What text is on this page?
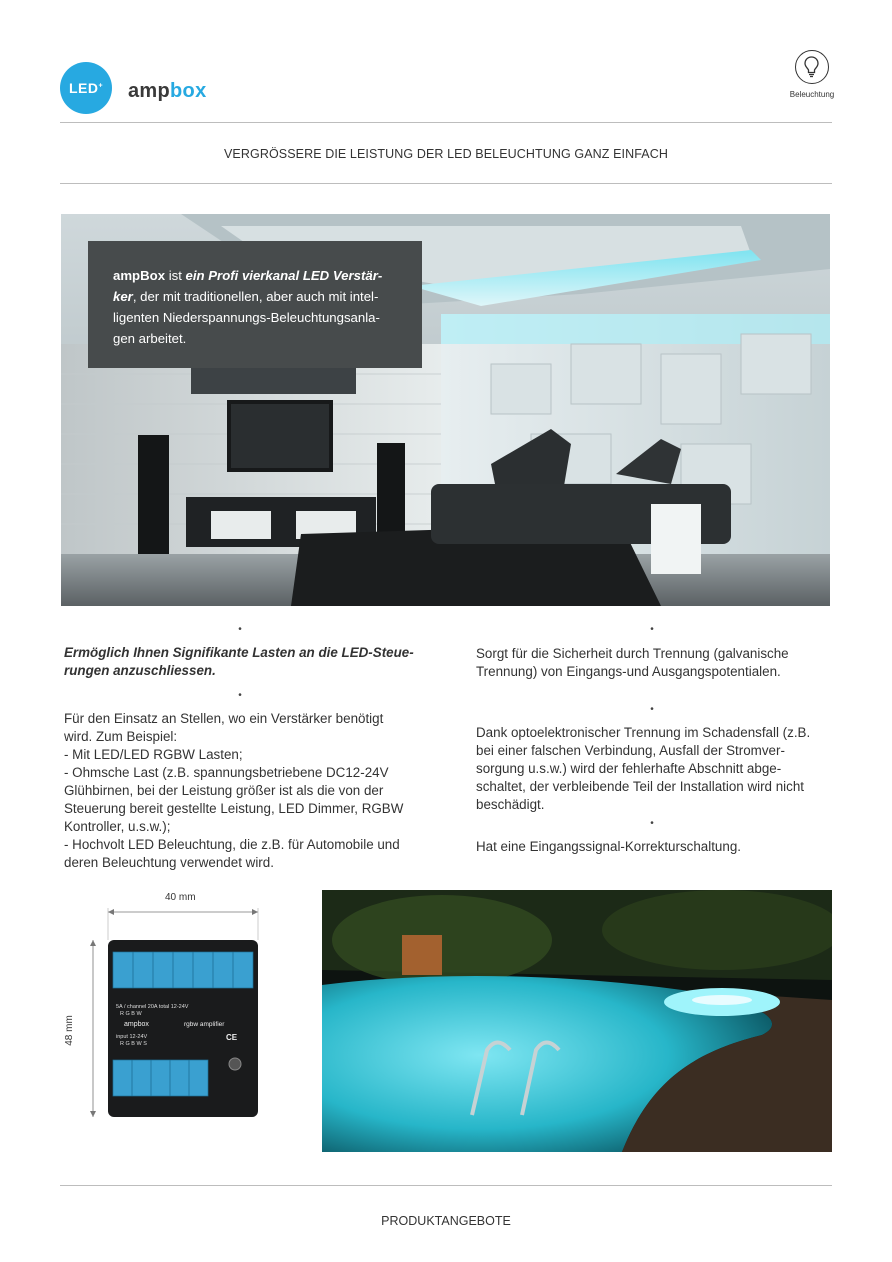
LED+ ampbox	Beleuchtung
VERGRÖSSERE DIE LEISTUNG DER LED BELEUCHTUNG GANZ EINFACH
ampBox ist ein Profi vierkanal LED Verstär-
ker, der mit traditionellen, aber auch mit intel-
ligenten Niederspannungs-Beleuchtungsanla-
gen arbeitet.
•
Ermöglich Ihnen Signifikante Lasten an die LED-Steue-
rungen anzuschliessen.
•
Für den Einsatz an Stellen, wo ein Verstärker benötigt
wird. Zum Beispiel:
- Mit LED/LED RGBW Lasten;
- Ohmsche Last (z.B. spannungsbetriebene DC12-24V
Glühbirnen, bei der Leistung größer ist als die von der
Steuerung bereit gestellte Leistung, LED Dimmer, RGBW
Kontroller, u.s.w.);
- Hochvolt LED Beleuchtung, die z.B. für Automobile und
deren Beleuchtung verwendet wird.
•
Sorgt für die Sicherheit durch Trennung (galvanische
Trennung) von Eingangs-und Ausgangspotentialen.
•
Dank optoelektronischer Trennung im Schadensfall (z.B.
bei einer falschen Verbindung, Ausfall der Stromver-
sorgung u.s.w.) wird der fehlerhafte Abschnitt abge-
schaltet, der verbleibende Teil der Installation wird nicht
beschädigt.
•
Hat eine Eingangssignal-Korrekturschaltung.
40 mm
48 mm
5A / channel 20A total 12-24V
R G B W
ampbox	rgbw amplifier
input 12-24V
R G B W S
CE
PRODUKTANGEBOTE
